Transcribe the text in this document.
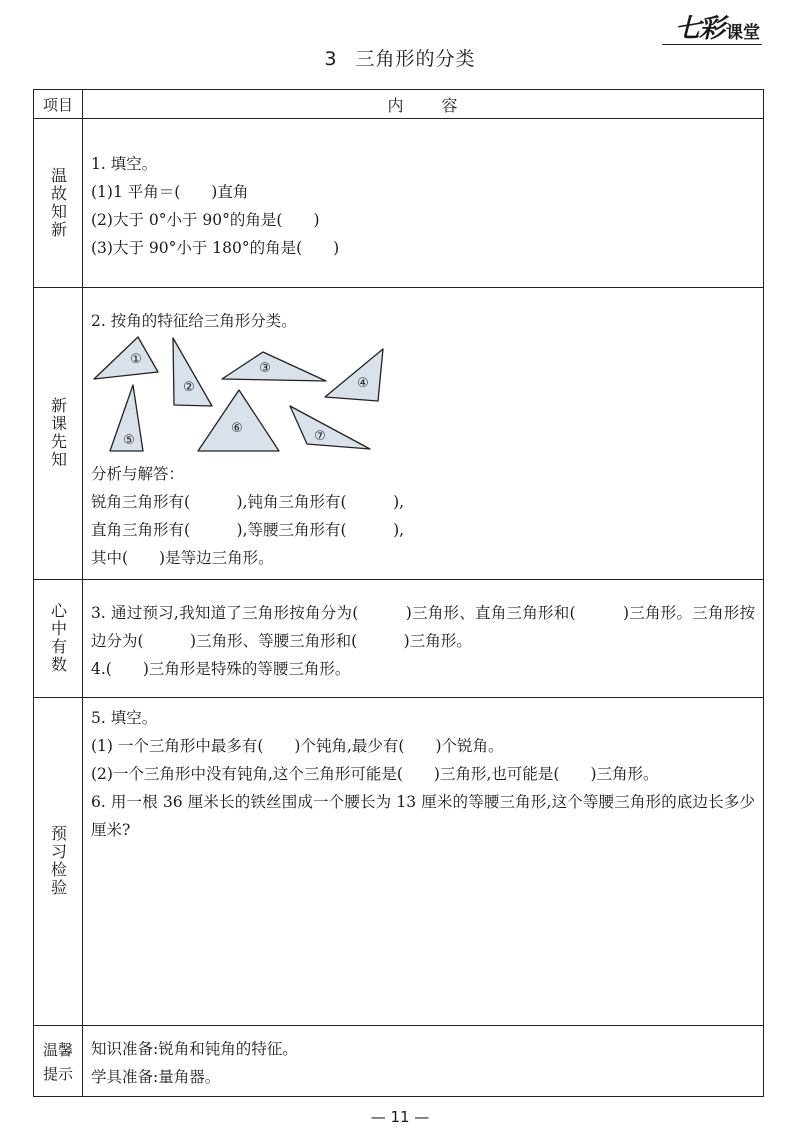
七彩 课堂
3 三角形的分类
项目	内容
温故知新

1. 填空。

(1)1 平角＝(　　)直角

(2)大于 0°小于 90°的角是(　　)

(3)大于 90°小于 180°的角是(　　)

新课先知

2. 按角的特征给三角形分类。

①
②
③
④
⑤
⑥
⑦

分析与解答：

锐角三角形有(　　　),钝角三角形有(　　　),

直角三角形有(　　　),等腰三角形有(　　　),

其中(　　)是等边三角形。

心中有数 3. 通过预习,我知道了三角形按角分为(　　　)三角形、直角三角形和(　　　)三角形。三角形按边分为(　　　)三角形、等腰三角形和(　　　)三角形。

4.(　　)三角形是特殊的等腰三角形。

预习检验

5. 填空。

(1) 一个三角形中最多有(　　)个钝角,最少有(　　)个锐角。

(2)一个三角形中没有钝角,这个三角形可能是(　　)三角形,也可能是(　　)三角形。

6. 用一根 36 厘米长的铁丝围成一个腰长为 13 厘米的等腰三角形,这个等腰三角形的底边长多少厘米?

温馨
提示

知识准备:锐角和钝角的特征。

学具准备:量角器。

— 11 —
